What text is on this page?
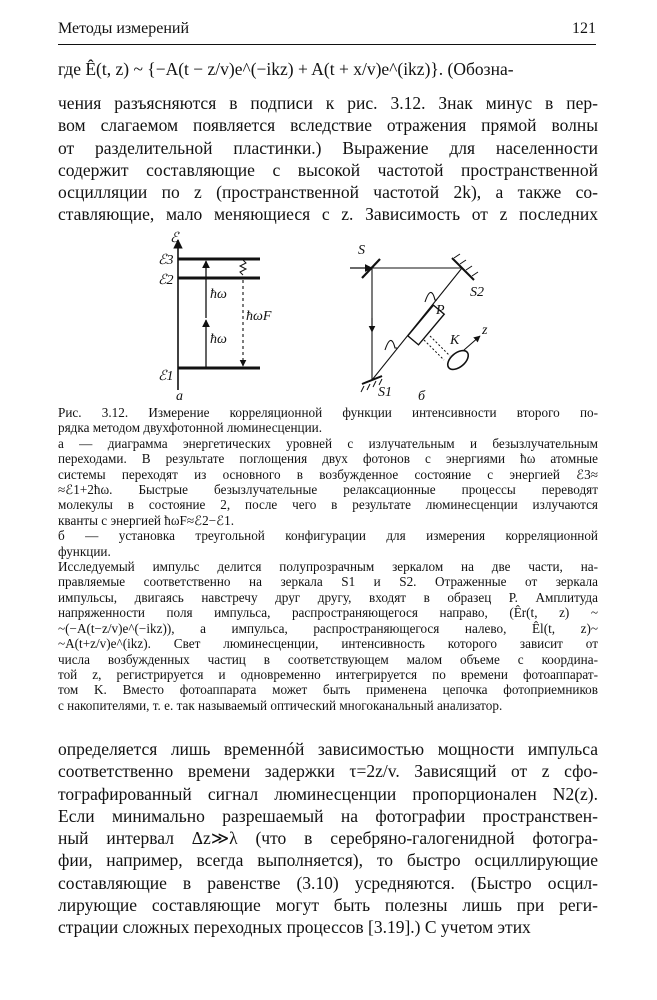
Методы измерений	121
где Ê(t, z) ~ {−A(t − z/v)e^(−ikz) + A(t + x/v)e^(ikz)}. (Обозна-
чения разъясняются в подписи к рис. 3.12. Знак минус в пер-
вом слагаемом появляется вследствие отражения прямой волны
от разделительной пластинки.) Выражение для населенности
содержит составляющие с высокой частотой пространственной
осцилляции по z (пространственной частотой 2k), а также со-
ставляющие, мало меняющиеся с z. Зависимость от z последних
ℰ
ℰ3
ℰ2
ℰ1
ħω
ħω
ħωF
а
S
S1
S2
P
K
z
б
Рис. 3.12. Измерение корреляционной функции интенсивности второго по-
рядка методом двухфотонной люминесценции.
а — диаграмма энергетических уровней с излучательным и безызлучательным
переходами. В результате поглощения двух фотонов с энергиями ħω атомные
системы переходят из основного в возбужденное состояние с энергией ℰ3≈
≈ℰ1+2ħω. Быстрые безызлучательные релаксационные процессы переводят
молекулы в состояние 2, после чего в результате люминесценции излучаются
кванты с энергией ħωF≈ℰ2−ℰ1.
б — установка треугольной конфигурации для измерения корреляционной
функции.
Исследуемый импульс делится полупрозрачным зеркалом на две части, на-
правляемые соответственно на зеркала S1 и S2. Отраженные от зеркала
импульсы, двигаясь навстречу друг другу, входят в образец P. Амплитуда
напряженности поля импульса, распространяющегося направо, (Êr(t, z) ~
~(−A(t−z/v)e^(−ikz)), а импульса, распространяющегося налево, Êl(t, z)~
~A(t+z/v)e^(ikz). Свет люминесценции, интенсивность которого зависит от
числа возбужденных частиц в соответствующем малом объеме с координа-
той z, регистрируется и одновременно интегрируется по времени фотоаппарат-
том K. Вместо фотоаппарата может быть применена цепочка фотоприемников
с накопителями, т. е. так называемый оптический многоканальный анализатор.
определяется лишь временнóй зависимостью мощности импульса
соответственно времени задержки τ=2z/v. Зависящий от z сфо-
тографированный сигнал люминесценции пропорционален N2(z).
Если минимально разрешаемый на фотографии пространствен-
ный интервал Δz≫λ (что в серебряно-галогенидной фотогра-
фии, например, всегда выполняется), то быстро осциллирующие
составляющие в равенстве (3.10) усредняются. (Быстро осцил-
лирующие составляющие могут быть полезны лишь при реги-
страции сложных переходных процессов [3.19].) С учетом этих
